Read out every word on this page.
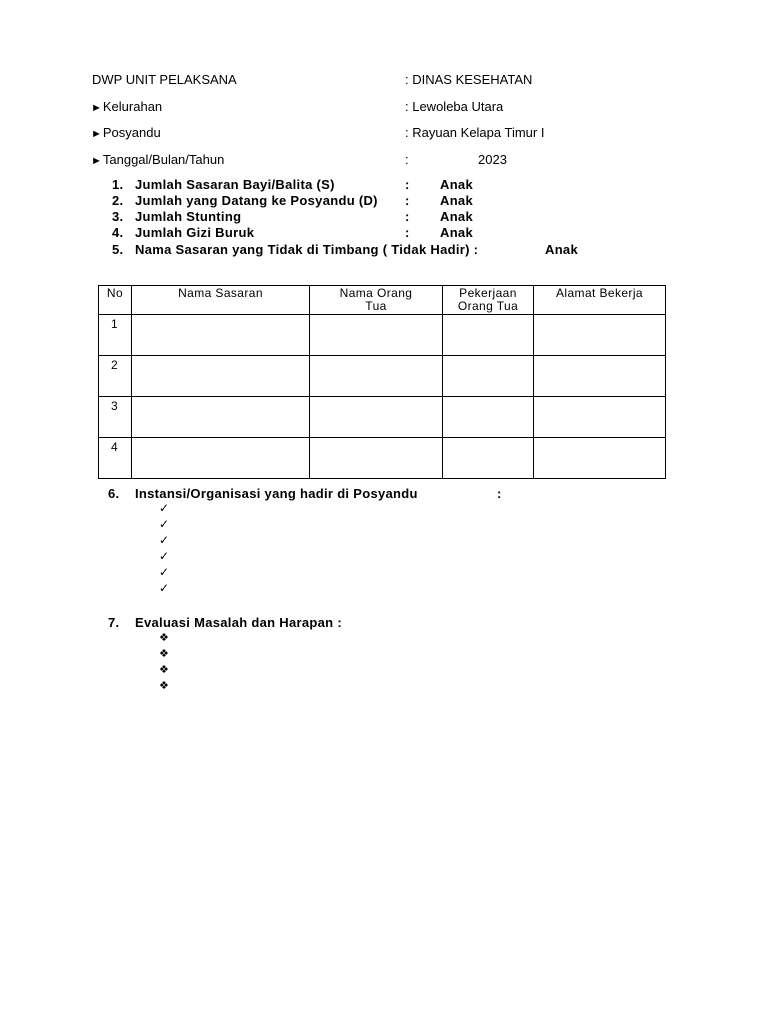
DWP UNIT PELAKSANA	: DINAS KESEHATAN
►Kelurahan	: Lewoleba Utara
►Posyandu	: Rayuan Kelapa Timur I
►Tanggal/Bulan/Tahun	:	2023
1. Jumlah Sasaran Bayi/Balita (S)	: Anak
2. Jumlah yang Datang ke Posyandu (D) : Anak
3. Jumlah Stunting	: Anak
4. Jumlah Gizi Buruk	: Anak
5. Nama Sasaran yang Tidak di Timbang ( Tidak Hadir) :	Anak
No	Nama Sasaran	Nama Orang Tua	Pekerjaan Orang Tua	Alamat Bekerja
1				
2				
3				
4				
6. Instansi/Organisasi yang hadir di Posyandu	:
✓
✓
✓
✓
✓
✓
7. Evaluasi Masalah dan Harapan :
❖
❖
❖
❖
